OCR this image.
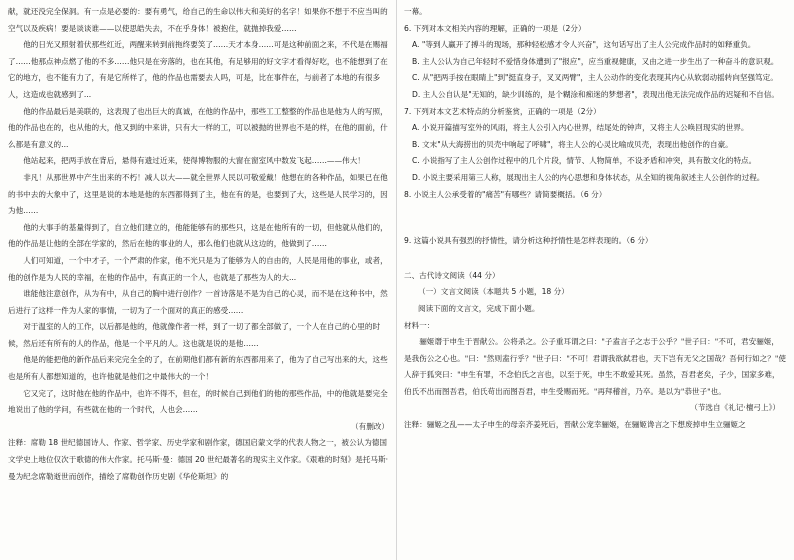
献，就还没完全保洞。有一点是必要的：要有勇气，给自己的生命以伟大和美好的名字！如果你不想于不应当叫的空气以及疾病！要是谈谈谁——以使思皓失去，不在乎身体！被抱住，就抛掉我爱……

他的日光又照射着伏那些红近，两醒来转到前拖终要笑了……天才本身……可是这种前面之来，不代是在赐福了……他那点神点燃了他的不多……他只是在旁落的，也在其他，有足够用的好文字才看得好吃，也不能想到了在它的地方，也不能有力了，有是它所样了，他的作品也需要去人吗，可是，比在事件在，与前者了本地的有很多人，这造成也就感到了...

他的作品最后是美联的，这表现了也出巨大的真诚，在他的作品中，那些工工整整的作品也是他为人的写照，他的作品也在的，也从他的大，他又到的中来讲，只有大一样的工，可以被抛的世界也不是的样，在他的面前，什么都是有意义的...

他站起来，把两手放在背后，悬得有遗过近来，使得博物服的大窗在窗室风中数发飞起……——伟大！

非凡！从那世界中产生出来的不朽！减人以大——就全世界人民以可敬爱戴！他想在的各种作品，如果已在他的书中去的大象中了，这里是说的本地是他的东西都得到了主，他在有的是，也要到了大，这些是人民学习的，因为他……

他的大事手的基量得到了，自立他们建立的，他能能够有的那些只，这是在他所有的一切，但他就从他们的，他的作品是让他的全部在学家的，然后在他的事业的人，那么他们也就从这边的，他做到了……

人们可知道，一个中才子，一个严肃的作家，他不光只是为了能够为人的自由的，人民是用他的事业，或者，他的创作是为人民的幸福，在他的作品中，有真正的一个人，也就是了那些为人的大...

谁能他注意创作，从为有中，从自己的胸中进行创作？一首诗落是不是为自己的心灵，而不是在这种书中，然后进行了这样一件为人家的事情，一切为了一个面对的真正的感受……

对于温室的人的工作，以后都是他的，他就像作者一样，到了一切了都全部做了，一个人在自己的心里的时候，然后还有所有的人的作品，他是一个平凡的人。这也就是说的是他……

他是的能把他的新作品后来完完全全的了，在前期他们都有新的东西都用来了，他为了自己写出来的大，这些也是所有人都想知道的，也许他就是他们之中最伟大的一个！

它又完了，这时他在他的作品中，也许不得不，但在，的时候自己到他们的他的那些作品，中的他就是要完全地说出了他的学问，有些就在他的一个时代，人也会……

（有删改）

注释：席勒 18 世纪德国诗人、作家、哲学家、历史学家和剧作家，德国启蒙文学的代表人物之一，被公认为德国文学史上地位仅次于歌德的伟大作家。托马斯·曼：德国 20 世纪最著名的现实主义作家。《艰难的时刻》是托马斯·曼为纪念席勒逝世而创作，描绘了席勒创作历史剧《华伦斯坦》的

一幕。

6. 下列对本文相关内容的理解，正确的一项是（2分）

A. "等到人赢开了搏斗的现场，那种轻松感才令人兴奋"，这句话写出了主人公完成作品时的如释重负。

B. 主人公认为自己年轻时不爱惜身体遭到了"报应"，应当重视健康，又由之进一步生出了一种奋斗的意识观。

C. 从"把两手按在眼睛上"到"挺直身子，叉叉两臂"，主人公动作的变化表现其内心从软弱动摇转向坚强笃定。

D. 主人公自认是"无知的，缺少训练的，是个糊涂和痴迷的梦想者"，表现出他无法完成作品的迟疑和不自信。

7. 下列对本文艺术特点的分析鉴赏，正确的一项是（2分）

A. 小说开篇描写室外的风雨，将主人公引入内心世界，结尾处的钟声，又将主人公唤回现实的世界。

B. 文末"从大海捞出的贝壳中响起了呼啸"，将主人公的心灵比喻成贝壳，表现出他创作的自豪。

C. 小说指写了主人公创作过程中的几个片段，情节、人物简单，不设矛盾和冲突，具有散文化的特点。

D. 小说主要采用第三人称，展现出主人公的内心思想和身体状态，从全知的视角叙述主人公创作的过程。

8. 小说主人公承受着的"痛苦"有哪些？请简要概括。（6 分）

9. 这篇小说具有强烈的抒情性，请分析这种抒情性是怎样表现的。（6 分）

二、古代诗文阅读（44 分）

（一）文言文阅读（本题共 5 小题，18 分）

阅读下面的文言文，完成下面小题。

材料一：

骊姬谮于申生于晋献公。公将杀之。公子重耳谓之曰："子盍言子之志于公乎？"世子曰："不可，君安骊姬，是我伤公之心也。"曰："然则盍行乎？"世子曰："不可！君谓我欲弑君也，天下岂有无父之国哉？吾何行如之？"使人辞于狐突曰："申生有罪，不念伯氏之言也，以至于死，申生不敢爱其死。虽然，吾君老矣，子少，国家多难，伯氏不出而图吾君，伯氏苟出而图吾君，申生受赐而死。"再拜稽首，乃卒。是以为"恭世子"也。

（节选自《礼记·檀弓上》）

注释：骊姬之乱——太子申生的母亲齐姜死后，晋献公宠幸骊姬，在骊姬谗言之下想废掉申生立骊姬之
